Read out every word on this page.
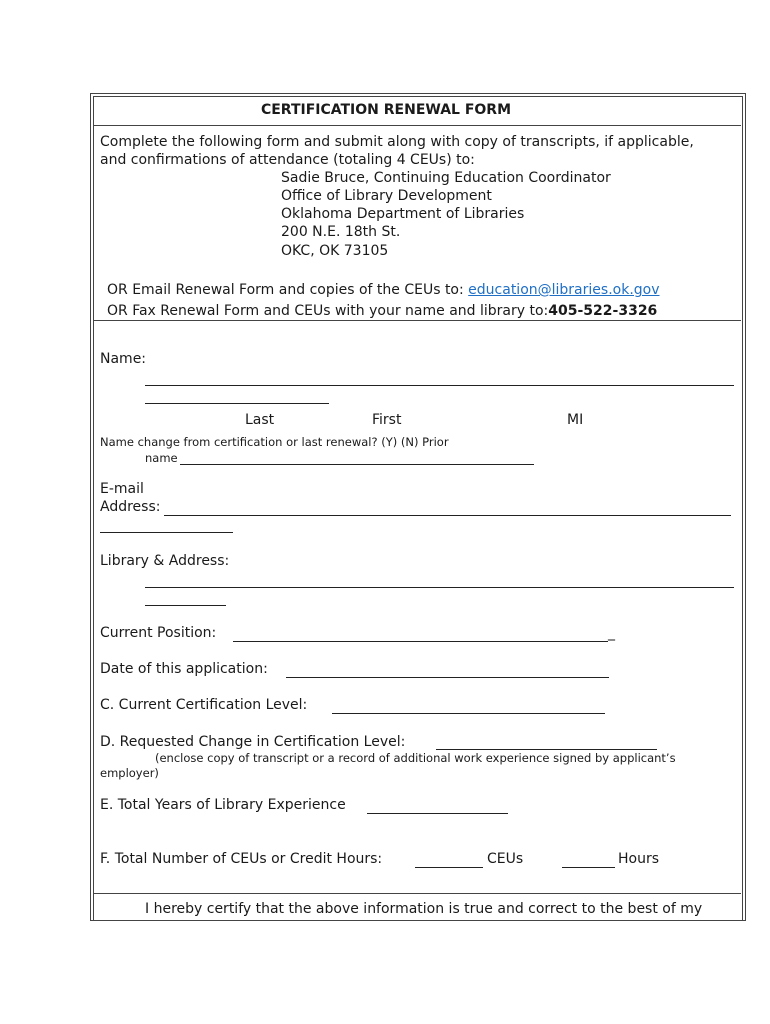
CERTIFICATION RENEWAL FORM
Complete the following form and submit along with copy of transcripts, if applicable,
and confirmations of attendance (totaling 4 CEUs) to:
Sadie Bruce, Continuing Education Coordinator
Office of Library Development
Oklahoma Department of Libraries
200 N.E. 18th St.
OKC, OK 73105
OR Email Renewal Form and copies of the CEUs to: education@libraries.ok.gov
OR Fax Renewal Form and CEUs with your name and library to:405-522-3326
Name:
Last	First	MI
Name change from certification or last renewal? (Y) (N) Prior
name
E-mail
Address:
Library & Address:
Current Position:	_
Date of this application:
C. Current Certification Level:
D. Requested Change in Certification Level:
(enclose copy of transcript or a record of additional work experience signed by applicant’s
employer)
E. Total Years of Library Experience
F. Total Number of CEUs or Credit Hours:	CEUs	Hours
I hereby certify that the above information is true and correct to the best of my
